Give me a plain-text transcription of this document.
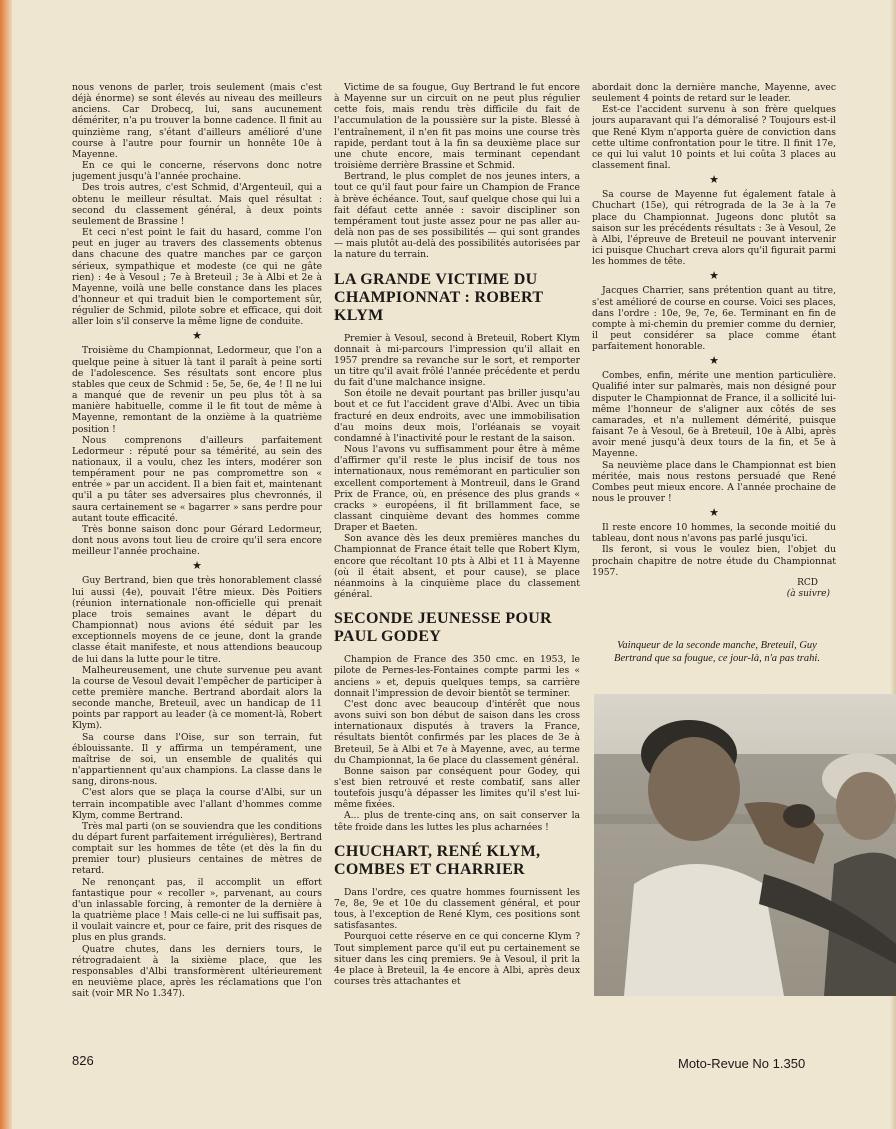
nous venons de parler, trois seulement (mais c'est déjà énorme) se sont élevés au niveau des meilleurs anciens. Car Drobecq, lui, sans aucunement démériter, n'a pu trouver la bonne cadence. Il finit au quinzième rang, s'étant d'ailleurs amélioré d'une course à l'autre pour fournir un honnête 10e à Mayenne.

En ce qui le concerne, réservons donc notre jugement jusqu'à l'année prochaine.

Des trois autres, c'est Schmid, d'Argenteuil, qui a obtenu le meilleur résultat. Mais quel résultat : second du classement général, à deux points seulement de Brassine !

Et ceci n'est point le fait du hasard, comme l'on peut en juger au travers des classements obtenus dans chacune des quatre manches par ce garçon sérieux, sympathique et modeste (ce qui ne gâte rien) : 4e à Vesoul ; 7e à Breteuil ; 3e à Albi et 2e à Mayenne, voilà une belle constance dans les places d'honneur et qui traduit bien le comportement sûr, régulier de Schmid, pilote sobre et efficace, qui doit aller loin s'il conserve la même ligne de conduite.

★

Troisième du Championnat, Ledormeur, que l'on a quelque peine à situer là tant il paraît à peine sorti de l'adolescence. Ses résultats sont encore plus stables que ceux de Schmid : 5e, 5e, 6e, 4e ! Il ne lui a manqué que de revenir un peu plus tôt à sa manière habituelle, comme il le fit tout de même à Mayenne, remontant de la onzième à la quatrième position !

Nous comprenons d'ailleurs parfaitement Ledormeur : réputé pour sa témérité, au sein des nationaux, il a voulu, chez les inters, modérer son tempérament pour ne pas compromettre son « entrée » par un accident. Il a bien fait et, maintenant qu'il a pu tâter ses adversaires plus chevronnés, il saura certainement se « bagarrer » sans perdre pour autant toute efficacité.

Très bonne saison donc pour Gérard Ledormeur, dont nous avons tout lieu de croire qu'il sera encore meilleur l'année prochaine.

★

Guy Bertrand, bien que très honorablement classé lui aussi (4e), pouvait l'être mieux. Dès Poitiers (réunion internationale non-officielle qui prenait place trois semaines avant le départ du Championnat) nous avions été séduit par les exceptionnels moyens de ce jeune, dont la grande classe était manifeste, et nous attendions beaucoup de lui dans la lutte pour le titre.

Malheureusement, une chute survenue peu avant la course de Vesoul devait l'empêcher de participer à cette première manche. Bertrand abordait alors la seconde manche, Breteuil, avec un handicap de 11 points par rapport au leader (à ce moment-là, Robert Klym).

Sa course dans l'Oise, sur son terrain, fut éblouissante. Il y affirma un tempérament, une maîtrise de soi, un ensemble de qualités qui n'appartiennent qu'aux champions. La classe dans le sang, dirons-nous.

C'est alors que se plaça la course d'Albi, sur un terrain incompatible avec l'allant d'hommes comme Klym, comme Bertrand.

Très mal parti (on se souviendra que les conditions du départ furent parfaitement irrégulières), Bertrand comptait sur les hommes de tête (et dès la fin du premier tour) plusieurs centaines de mètres de retard.

Ne renonçant pas, il accomplit un effort fantastique pour « recoller », parvenant, au cours d'un inlassable forcing, à remonter de la dernière à la quatrième place ! Mais celle-ci ne lui suffisait pas, il voulait vaincre et, pour ce faire, prit des risques de plus en plus grands.

Quatre chutes, dans les derniers tours, le rétrogradaient à la sixième place, que les responsables d'Albi transformèrent ultérieurement en neuvième place, après les réclamations que l'on sait (voir MR No 1.347).

Victime de sa fougue, Guy Bertrand le fut encore à Mayenne sur un circuit on ne peut plus régulier cette fois, mais rendu très difficile du fait de l'accumulation de la poussière sur la piste. Blessé à l'entraînement, il n'en fit pas moins une course très rapide, perdant tout à la fin sa deuxième place sur une chute encore, mais terminant cependant troisième derrière Brassine et Schmid.

Bertrand, le plus complet de nos jeunes inters, a tout ce qu'il faut pour faire un Champion de France à brève échéance. Tout, sauf quelque chose qui lui a fait défaut cette année : savoir discipliner son tempérament tout juste assez pour ne pas aller au-delà non pas de ses possibilités — qui sont grandes — mais plutôt au-delà des possibilités autorisées par la nature du terrain.

LA GRANDE VICTIME DU CHAMPIONNAT : ROBERT KLYM

Premier à Vesoul, second à Breteuil, Robert Klym donnait à mi-parcours l'impression qu'il allait en 1957 prendre sa revanche sur le sort, et remporter un titre qu'il avait frôlé l'année précédente et perdu du fait d'une malchance insigne.

Son étoile ne devait pourtant pas briller jusqu'au bout et ce fut l'accident grave d'Albi. Avec un tibia fracturé en deux endroits, avec une immobilisation d'au moins deux mois, l'orléanais se voyait condamné à l'inactivité pour le restant de la saison.

Nous l'avons vu suffisamment pour être à même d'affirmer qu'il reste le plus incisif de tous nos internationaux, nous remémorant en particulier son excellent comportement à Montreuil, dans le Grand Prix de France, où, en présence des plus grands « cracks » européens, il fit brillamment face, se classant cinquième devant des hommes comme Draper et Baeten.

Son avance dès les deux premières manches du Championnat de France était telle que Robert Klym, encore que récoltant 10 pts à Albi et 11 à Mayenne (où il était absent, et pour cause), se place néanmoins à la cinquième place du classement général.

SECONDE JEUNESSE POUR PAUL GODEY

Champion de France des 350 cmc. en 1953, le pilote de Pernes-les-Fontaines compte parmi les « anciens » et, depuis quelques temps, sa carrière donnait l'impression de devoir bientôt se terminer.

C'est donc avec beaucoup d'intérêt que nous avons suivi son bon début de saison dans les cross internationaux disputés à travers la France, résultats bientôt confirmés par les places de 3e à Breteuil, 5e à Albi et 7e à Mayenne, avec, au terme du Championnat, la 6e place du classement général.

Bonne saison par conséquent pour Godey, qui s'est bien retrouvé et reste combatif, sans aller toutefois jusqu'à dépasser les limites qu'il s'est lui-même fixées.

A... plus de trente-cinq ans, on sait conserver la tête froide dans les luttes les plus acharnées !

CHUCHART, RENÉ KLYM, COMBES ET CHARRIER

Dans l'ordre, ces quatre hommes fournissent les 7e, 8e, 9e et 10e du classement général, et pour tous, à l'exception de René Klym, ces positions sont satisfasantes.

Pourquoi cette réserve en ce qui concerne Klym ? Tout simplement parce qu'il eut pu certainement se situer dans les cinq premiers. 9e à Vesoul, il prit la 4e place à Breteuil, la 4e encore à Albi, après deux courses très attachantes et

abordait donc la dernière manche, Mayenne, avec seulement 4 points de retard sur le leader.

Est-ce l'accident survenu à son frère quelques jours auparavant qui l'a démoralisé ? Toujours est-il que René Klym n'apporta guère de conviction dans cette ultime confrontation pour le titre. Il finit 17e, ce qui lui valut 10 points et lui coûta 3 places au classement final.

★

Sa course de Mayenne fut également fatale à Chuchart (15e), qui rétrograda de la 3e à la 7e place du Championnat. Jugeons donc plutôt sa saison sur les précédents résultats : 3e à Vesoul, 2e à Albi, l'épreuve de Breteuil ne pouvant intervenir ici puisque Chuchart creva alors qu'il figurait parmi les hommes de tête.

★

Jacques Charrier, sans prétention quant au titre, s'est amélioré de course en course. Voici ses places, dans l'ordre : 10e, 9e, 7e, 6e. Terminant en fin de compte à mi-chemin du premier comme du dernier, il peut considérer sa place comme étant parfaitement honorable.

★

Combes, enfin, mérite une mention particulière. Qualifié inter sur palmarès, mais non désigné pour disputer le Championnat de France, il a sollicité lui-même l'honneur de s'aligner aux côtés de ses camarades, et n'a nullement démérité, puisque faisant 7e à Vesoul, 6e à Breteuil, 10e à Albi, après avoir mené jusqu'à deux tours de la fin, et 5e à Mayenne.

Sa neuvième place dans le Championnat est bien méritée, mais nous restons persuadé que René Combes peut mieux encore. A l'année prochaine de nous le prouver !

★

Il reste encore 10 hommes, la seconde moitié du tableau, dont nous n'avons pas parlé jusqu'ici.

Ils feront, si vous le voulez bien, l'objet du prochain chapitre de notre étude du Championnat 1957.

RCD
(à suivre)
Vainqueur de la seconde manche, Breteuil, Guy Bertrand que sa fougue, ce jour-là, n'a pas trahi.
826	Moto-Revue No 1.350
